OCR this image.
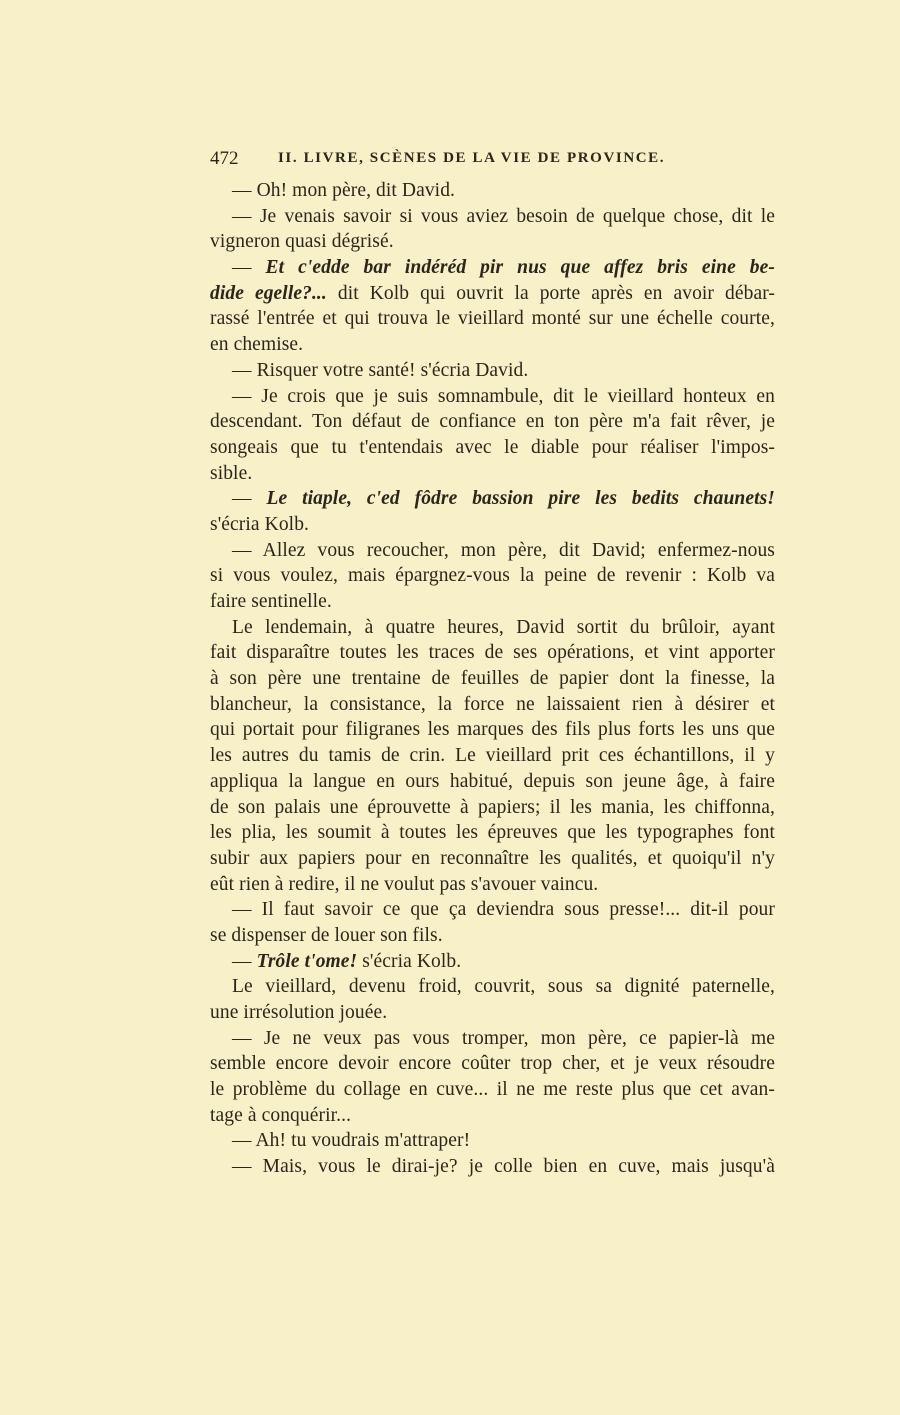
472	II. LIVRE, SCÈNES DE LA VIE DE PROVINCE.
— Oh! mon père, dit David.
— Je venais savoir si vous aviez besoin de quelque chose, dit le
vigneron quasi dégrisé.
— Et c'edde bar indéréd pir nus que affez bris eine be-
dide egelle?... dit Kolb qui ouvrit la porte après en avoir débar-
rassé l'entrée et qui trouva le vieillard monté sur une échelle courte,
en chemise.
— Risquer votre santé! s'écria David.
— Je crois que je suis somnambule, dit le vieillard honteux en
descendant. Ton défaut de confiance en ton père m'a fait rêver, je
songeais que tu t'entendais avec le diable pour réaliser l'impos-
sible.
— Le tiaple, c'ed fôdre bassion pire les bedits chaunets!
s'écria Kolb.
— Allez vous recoucher, mon père, dit David; enfermez-nous
si vous voulez, mais épargnez-vous la peine de revenir : Kolb va
faire sentinelle.
Le lendemain, à quatre heures, David sortit du brûloir, ayant
fait disparaître toutes les traces de ses opérations, et vint apporter
à son père une trentaine de feuilles de papier dont la finesse, la
blancheur, la consistance, la force ne laissaient rien à désirer et
qui portait pour filigranes les marques des fils plus forts les uns que
les autres du tamis de crin. Le vieillard prit ces échantillons, il y
appliqua la langue en ours habitué, depuis son jeune âge, à faire
de son palais une éprouvette à papiers; il les mania, les chiffonna,
les plia, les soumit à toutes les épreuves que les typographes font
subir aux papiers pour en reconnaître les qualités, et quoiqu'il n'y
eût rien à redire, il ne voulut pas s'avouer vaincu.
— Il faut savoir ce que ça deviendra sous presse!... dit-il pour
se dispenser de louer son fils.
— Trôle t'ome! s'écria Kolb.
Le vieillard, devenu froid, couvrit, sous sa dignité paternelle,
une irrésolution jouée.
— Je ne veux pas vous tromper, mon père, ce papier-là me
semble encore devoir encore coûter trop cher, et je veux résoudre
le problème du collage en cuve... il ne me reste plus que cet avan-
tage à conquérir...
— Ah! tu voudrais m'attraper!
— Mais, vous le dirai-je? je colle bien en cuve, mais jusqu'à
